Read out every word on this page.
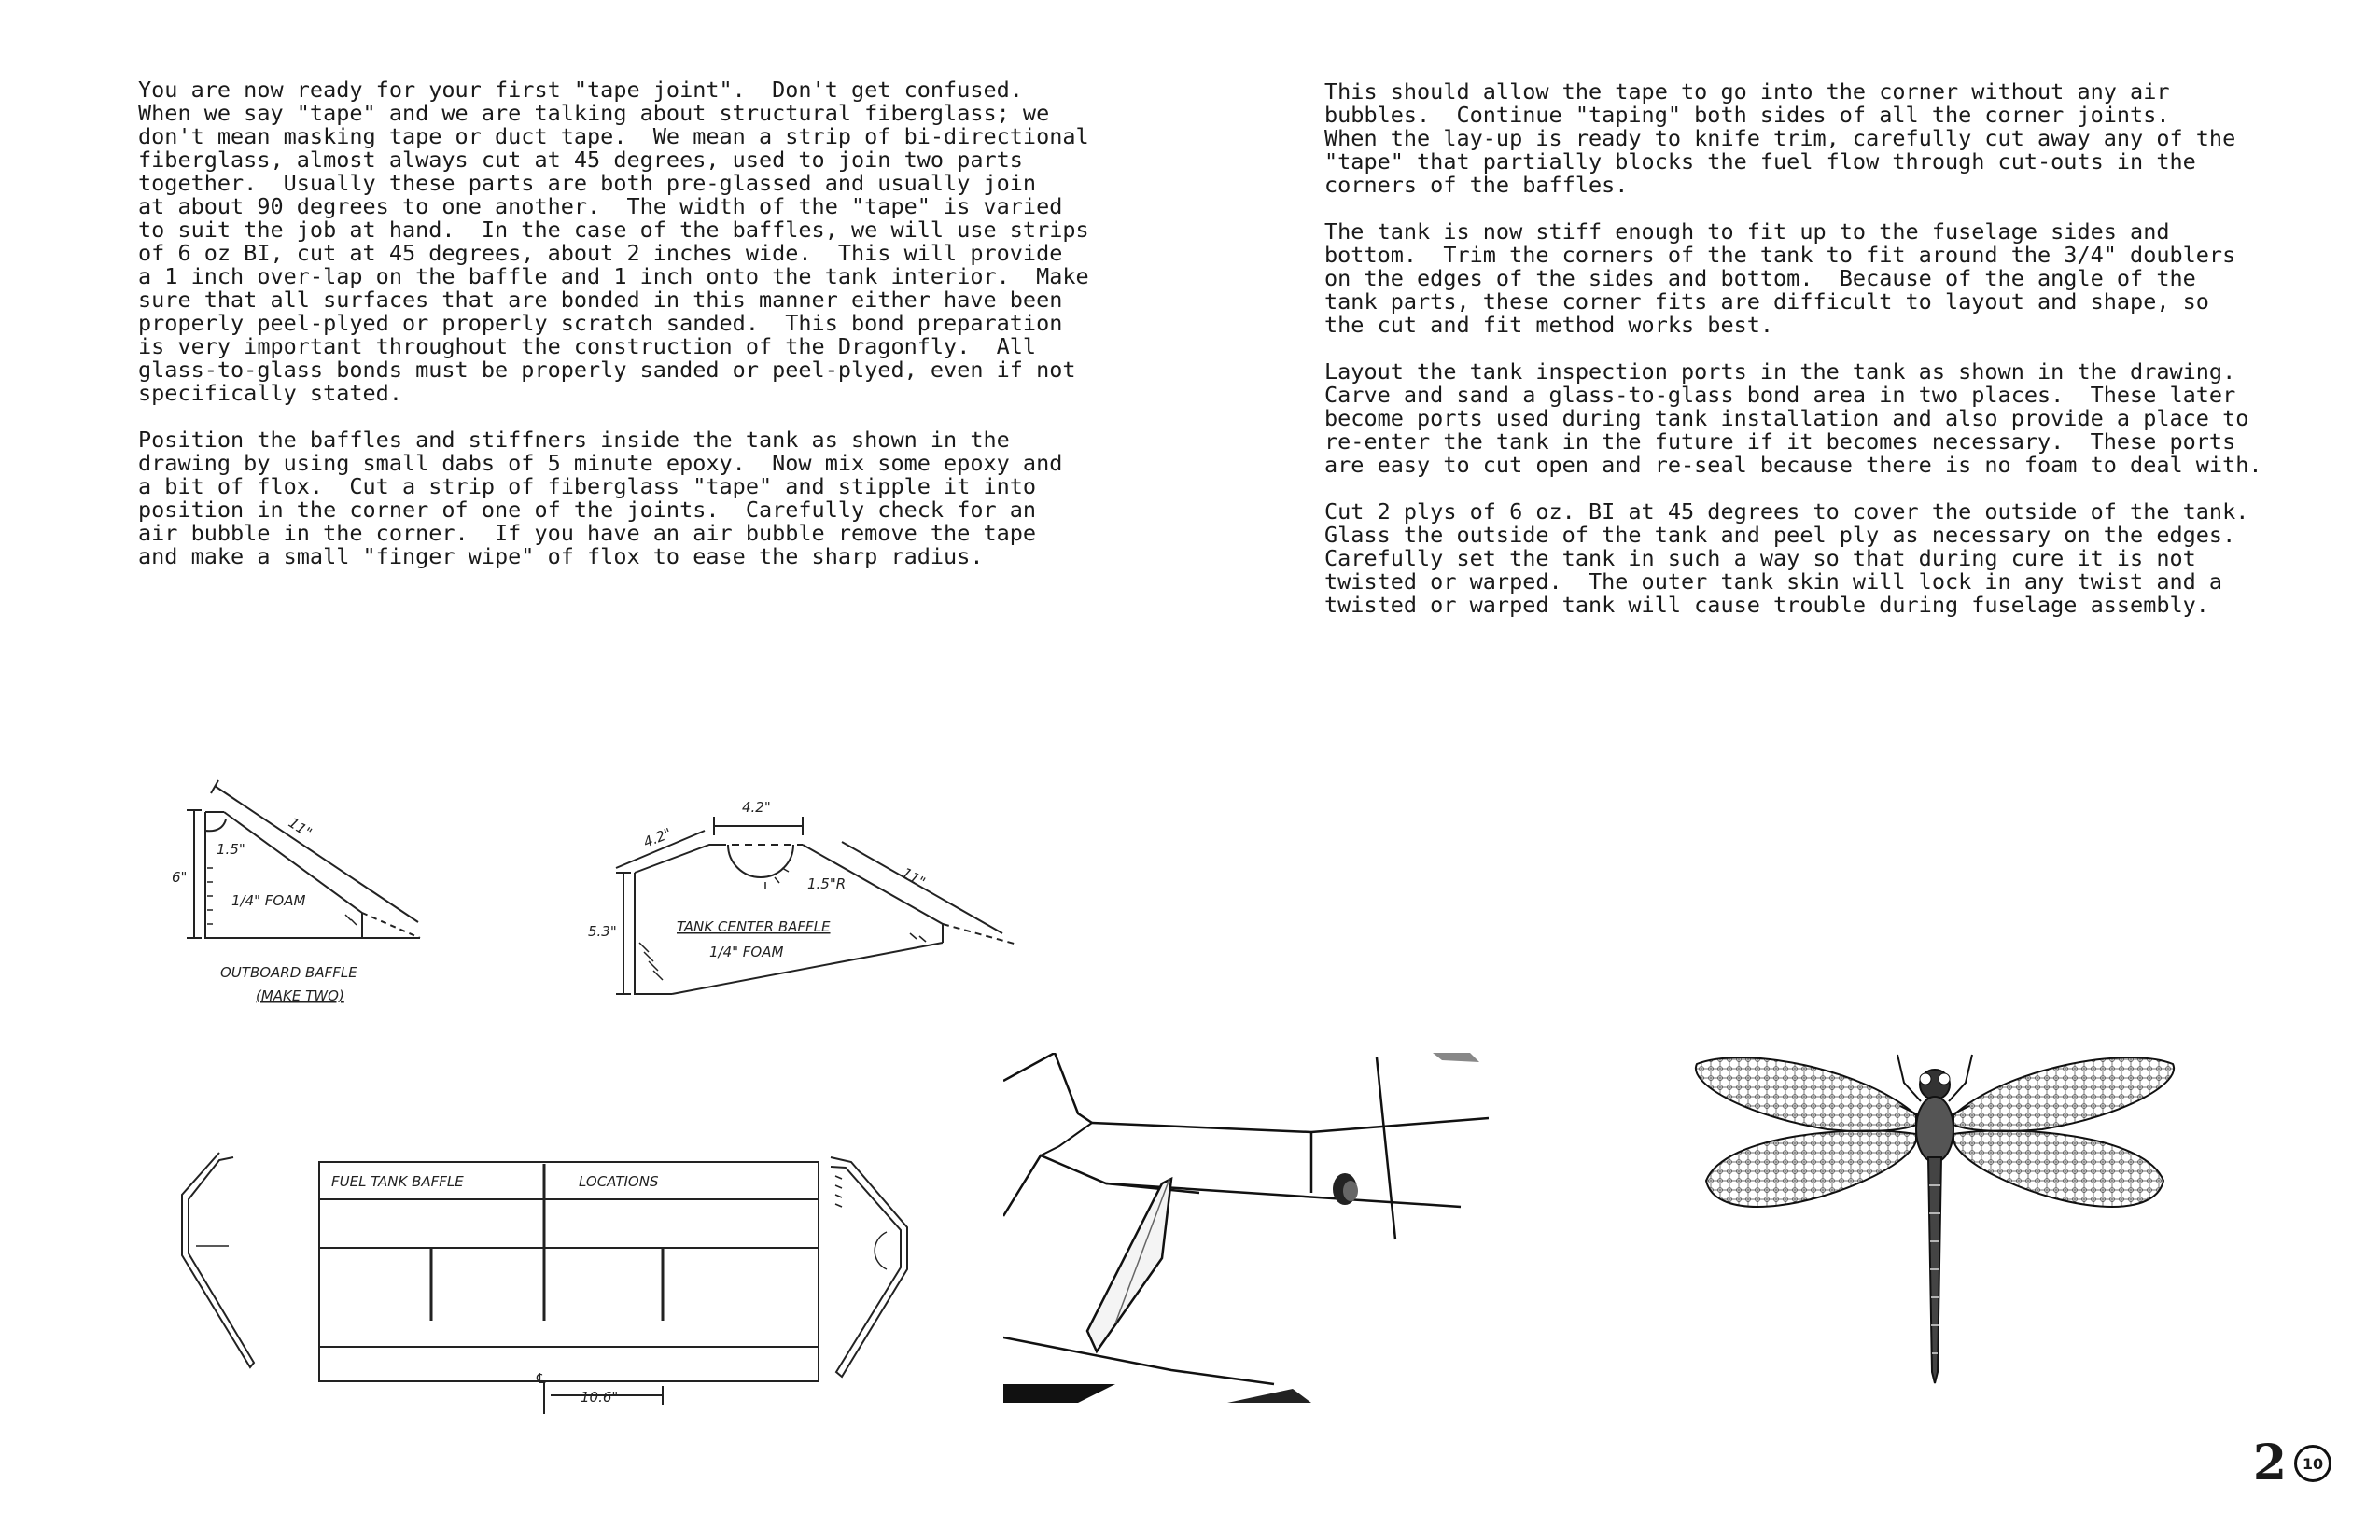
You are now ready for your first "tape joint".  Don't get confused.
When we say "tape" and we are talking about structural fiberglass; we
don't mean masking tape or duct tape.  We mean a strip of bi-directional
fiberglass, almost always cut at 45 degrees, used to join two parts
together.  Usually these parts are both pre-glassed and usually join
at about 90 degrees to one another.  The width of the "tape" is varied
to suit the job at hand.  In the case of the baffles, we will use strips
of 6 oz BI, cut at 45 degrees, about 2 inches wide.  This will provide
a 1 inch over-lap on the baffle and 1 inch onto the tank interior.  Make
sure that all surfaces that are bonded in this manner either have been
properly peel-plyed or properly scratch sanded.  This bond preparation
is very important throughout the construction of the Dragonfly.  All
glass-to-glass bonds must be properly sanded or peel-plyed, even if not
specifically stated.

Position the baffles and stiffners inside the tank as shown in the
drawing by using small dabs of 5 minute epoxy.  Now mix some epoxy and
a bit of flox.  Cut a strip of fiberglass "tape" and stipple it into
position in the corner of one of the joints.  Carefully check for an
air bubble in the corner.  If you have an air bubble remove the tape
and make a small "finger wipe" of flox to ease the sharp radius.

This should allow the tape to go into the corner without any air
bubbles.  Continue "taping" both sides of all the corner joints.
When the lay-up is ready to knife trim, carefully cut away any of the
"tape" that partially blocks the fuel flow through cut-outs in the
corners of the baffles.

The tank is now stiff enough to fit up to the fuselage sides and
bottom.  Trim the corners of the tank to fit around the 3/4" doublers
on the edges of the sides and bottom.  Because of the angle of the
tank parts, these corner fits are difficult to layout and shape, so
the cut and fit method works best.

Layout the tank inspection ports in the tank as shown in the drawing.
Carve and sand a glass-to-glass bond area in two places.  These later
become ports used during tank installation and also provide a place to
re-enter the tank in the future if it becomes necessary.  These ports
are easy to cut open and re-seal because there is no foam to deal with.

Cut 2 plys of 6 oz. BI at 45 degrees to cover the outside of the tank.
Glass the outside of the tank and peel ply as necessary on the edges.
Carefully set the tank in such a way so that during cure it is not
twisted or warped.  The outer tank skin will lock in any twist and a
twisted or warped tank will cause trouble during fuselage assembly.

6"
11"
1.5"
1/4" FOAM
OUTBOARD BAFFLE
(MAKE TWO)
4.2"
4.2"
11"
5.3"
1.5"R
TANK CENTER BAFFLE
1/4" FOAM
FUEL TANK BAFFLE	LOCATIONS
℄
10.6"
2	10
